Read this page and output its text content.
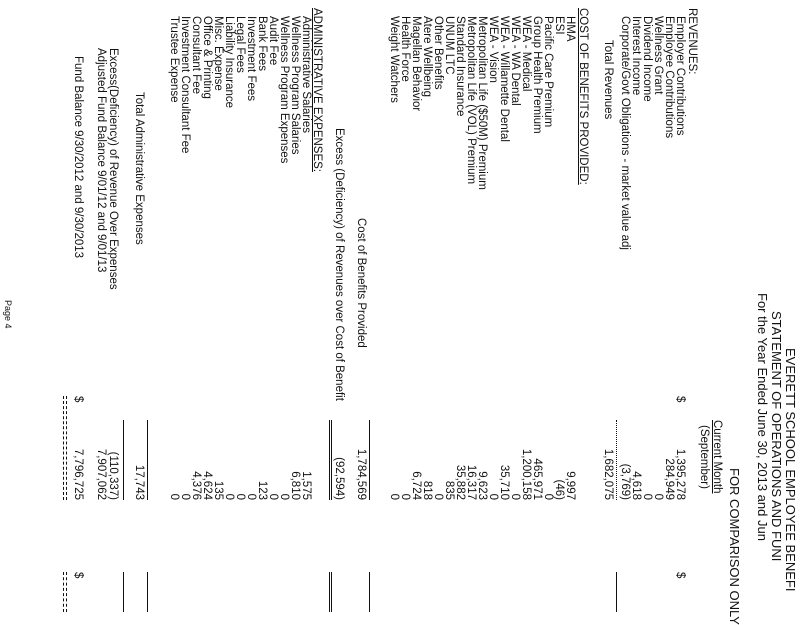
EVERETT SCHOOL EMPLOYEE BENEFI
STATEMENT OF OPERATIONS AND FUNI
For the Year Ended June 30, 2013 and Jun
FOR COMPARISON ONLY
Current Month
(September)
REVENUES:
Employer Contributions
$
1,395,278
$
Employee Contributions
284,949
Wellness Grant
0
Dividend Income
0
Interest Income
4,618
Corporate/Govt Obligations - market value adj
(3,769)
Total Revenues
1,682,075
COST OF BENEFITS PROVIDED:
HMA
9,997
ESI
(46)
Pacific Care Premium
0
Group Health Premium
465,971
WEA - Medical
1,200,158
WEA - WA Dental
0
WEA - Willamette Dental
35,710
WEA - Vision
0
Metropolitan Life ($50M) Premium
9,623
Metropolitan Life (VOL) Premium
16,317
Standard Insurance
35,882
UNUM LTC
835
Other Benefits
0
Atere Wellbeing
818
Magellan Behavior
6,724
Health Force
0
Weight Watchers
0
Cost of Benefits Provided
1,784,569
Excess (Deficiency) of Revenues over Cost of Benefit
(92,594)
ADMINISTRATIVE EXPENSES:
Administrative Salaries
1,575
Wellness Program Salaries
6,810
Wellness Program Expenses
0
Audit Fee
0
Bank Fees
123
Investment Fees
0
Legal Fees
0
Liability Insurance
0
Misc. Expense
135
Office & Printing
4,624
Consultant Fee
4,376
Investment Consultant Fee
0
Trustee Expense
0
Total Administrative Expenses
17,743
Excess(Deficiency) of Revenue Over Expenses
(110,337)
Adjusted Fund Balance 9/01/12 and 9/01/13
7,907,062
Fund Balance 9/30/2012 and 9/30/2013
$
7,796,725
$
Page 4
